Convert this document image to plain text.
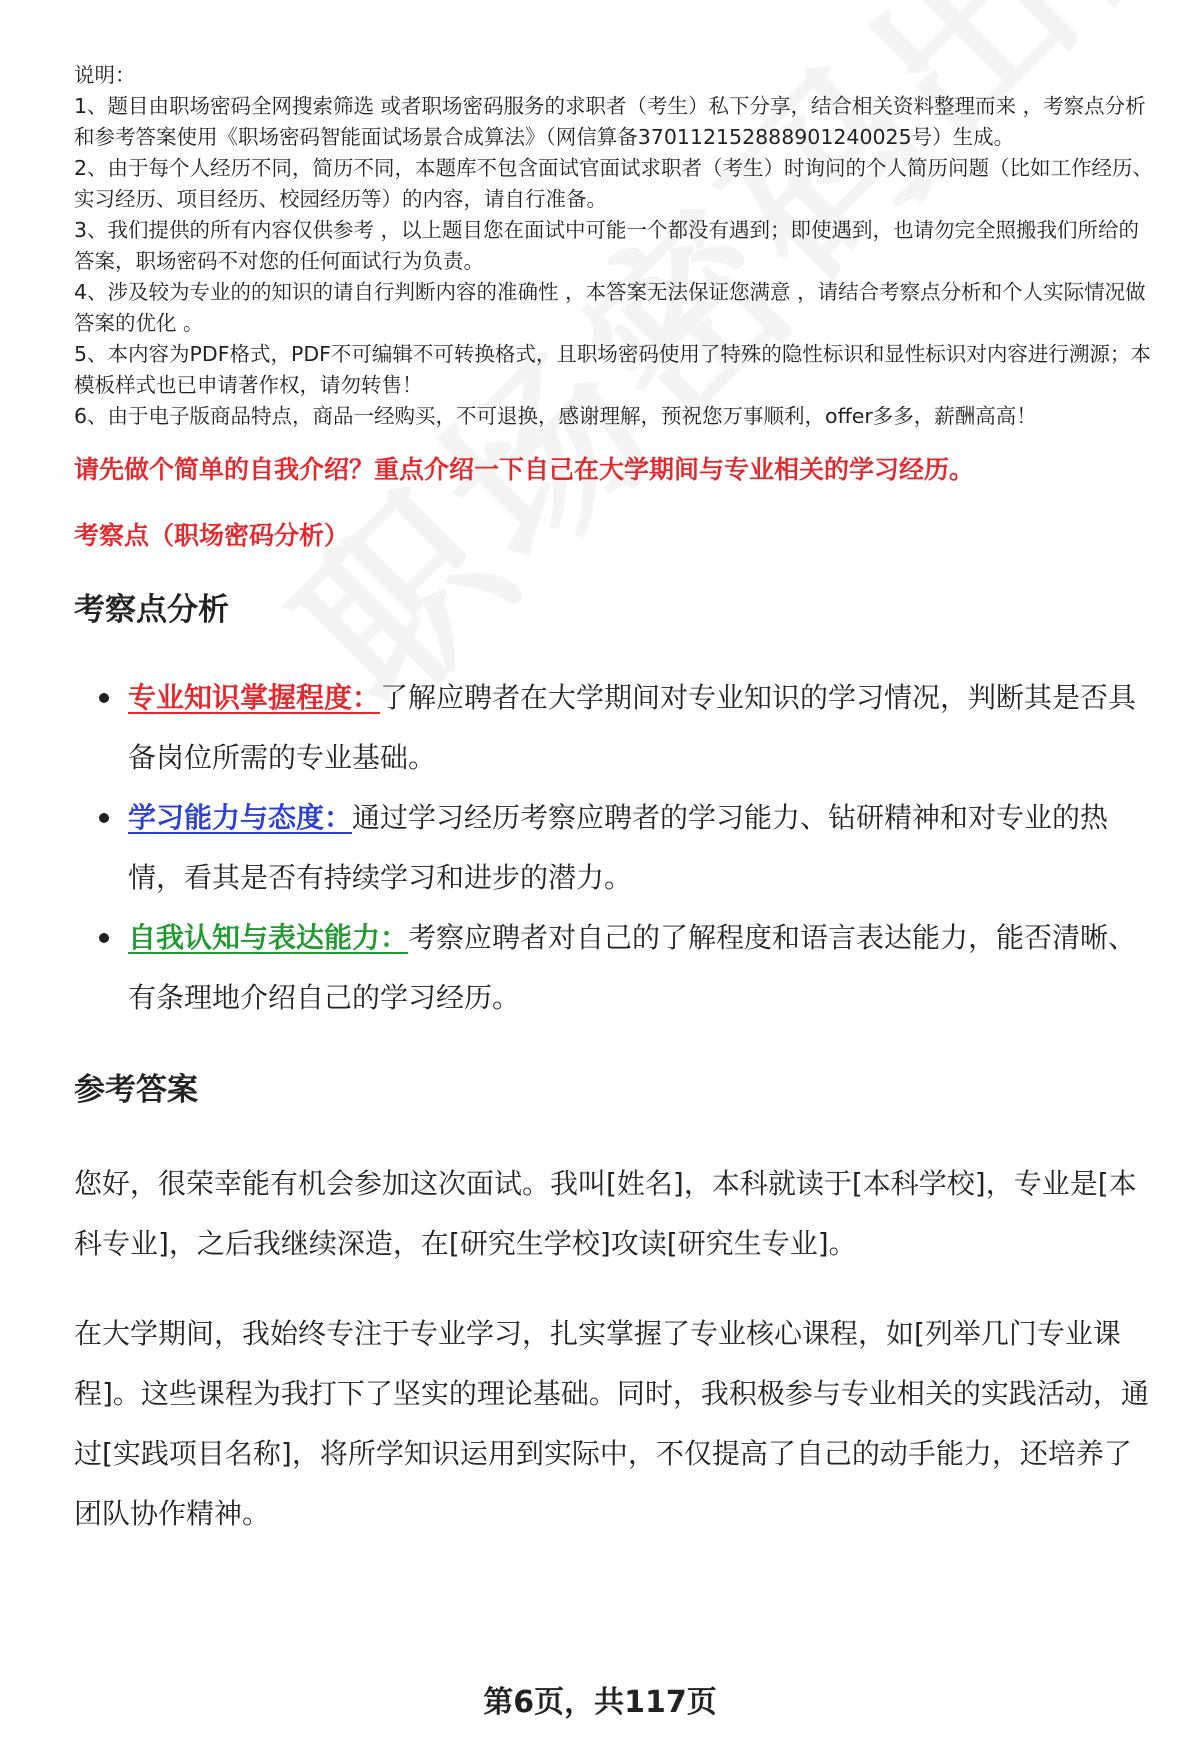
说明：

1、题目由职场密码全网搜索筛选 或者职场密码服务的求职者（考生）私下分享，结合相关资料整理而来 ，考察点分析和参考答案使用《职场密码智能面试场景合成算法》（网信算备370112152888901240025号）生成。

2、由于每个人经历不同，简历不同，本题库不包含面试官面试求职者（考生）时询问的个人简历问题（比如工作经历、实习经历、项目经历、校园经历等）的内容，请自行准备。

3、我们提供的所有内容仅供参考 ，以上题目您在面试中可能一个都没有遇到；即使遇到，也请勿完全照搬我们所给的答案，职场密码不对您的任何面试行为负责。

4、涉及较为专业的的知识的请自行判断内容的准确性 ，本答案无法保证您满意 ，请结合考察点分析和个人实际情况做答案的优化 。

5、本内容为PDF格式，PDF不可编辑不可转换格式，且职场密码使用了特殊的隐性标识和显性标识对内容进行溯源；本模板样式也已申请著作权，请勿转售！

6、由于电子版商品特点，商品一经购买，不可退换，感谢理解，预祝您万事顺利，offer多多，薪酬高高！

请先做个简单的自我介绍？重点介绍一下自己在大学期间与专业相关的学习经历。
考察点（职场密码分析）
考察点分析
专业知识掌握程度：了解应聘者在大学期间对专业知识的学习情况，判断其是否具备岗位所需的专业基础。
学习能力与态度：通过学习经历考察应聘者的学习能力、钻研精神和对专业的热情，看其是否有持续学习和进步的潜力。
自我认知与表达能力：考察应聘者对自己的了解程度和语言表达能力，能否清晰、有条理地介绍自己的学习经历。
参考答案

您好，很荣幸能有机会参加这次面试。我叫[姓名]，本科就读于[本科学校]，专业是[本科专业]，之后我继续深造，在[研究生学校]攻读[研究生专业]。

在大学期间，我始终专注于专业学习，扎实掌握了专业核心课程，如[列举几门专业课程]。这些课程为我打下了坚实的理论基础。同时，我积极参与专业相关的实践活动，通过[实践项目名称]，将所学知识运用到实际中，不仅提高了自己的动手能力，还培养了团队协作精神。

第6页，共117页
